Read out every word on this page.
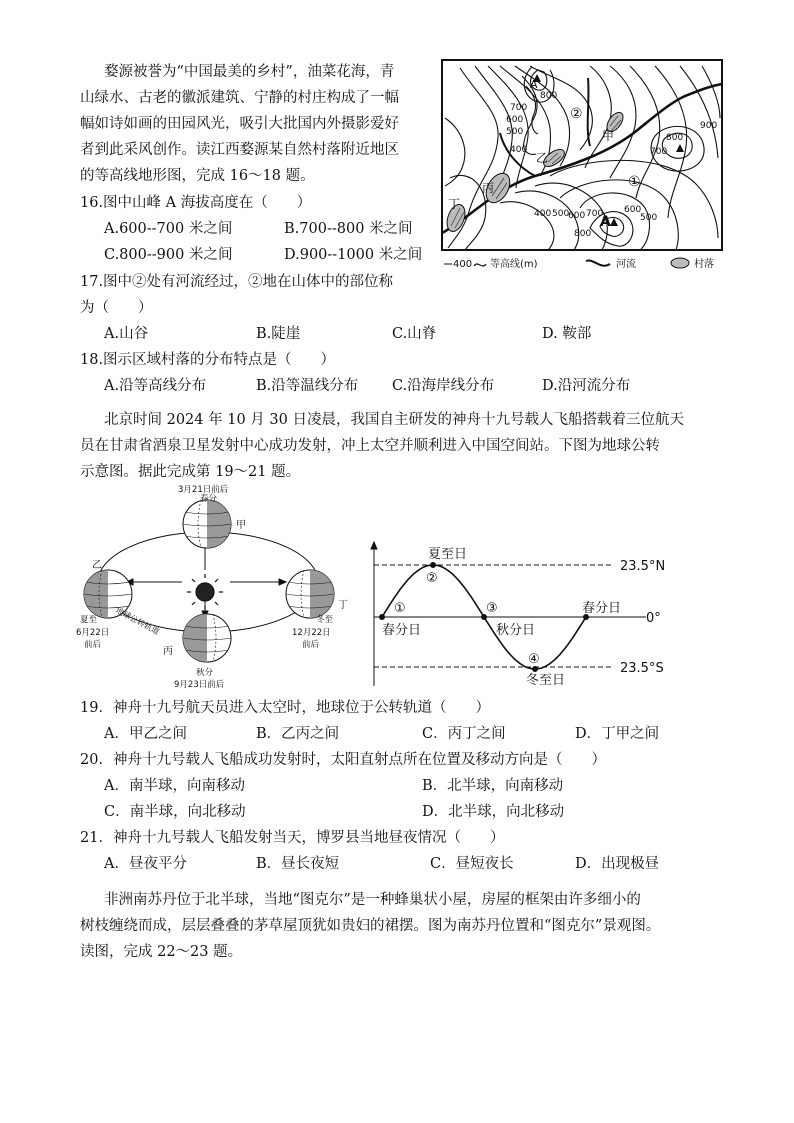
婺源被誉为“中国最美的乡村”，油菜花海，青
山绿水、古老的徽派建筑、宁静的村庄构成了一幅
幅如诗如画的田园风光，吸引大批国内外摄影爱好
者到此采风创作。读江西婺源某自然村落附近地区
的等高线地形图，完成 16～18 题。
16.图中山峰 A 海拔高度在（　　）
A.600--700 米之间	B.700--800 米之间
C.800--900 米之间	D.900--1000 米之间
17.图中②处有河流经过，②地在山体中的部位称
为（　　）
A.山谷	B.陡崖	C.山脊	D. 鞍部
18.图示区域村落的分布特点是（　　）
A.沿等高线分布	B.沿等温线分布 C.沿海岸线分布	D.沿河流分布
800
700
600
500
400
900
800
700
400 500
600 700
800
600
500
A
A
甲
乙
丙
丁
①
②
400 等高线(m)	河流	村落
北京时间 2024 年 10 月 30 日凌晨，我国自主研发的神舟十九号载人飞船搭载着三位航天
员在甘肃省酒泉卫星发射中心成功发射，冲上太空并顺利进入中国空间站。下图为地球公转
示意图。据此完成第 19～21 题。
3月21日前后
春分
甲
乙
夏至
6月22日
前后
地球公转轨道
丙
冬至
12月22日
前后
丁
秋分
9月23日前后
23.5°N
23.5°S
0°
①
②
③
④
春分日
夏至日
秋分日
冬至日
春分日
19．神舟十九号航天员进入太空时，地球位于公转轨道（　　）
A．甲乙之间	B．乙丙之间	C．丙丁之间	D．丁甲之间
20．神舟十九号载人飞船成功发射时，太阳直射点所在位置及移动方向是（　　）
A．南半球，向南移动	B．北半球，向南移动
C．南半球，向北移动	D．北半球，向北移动
21．神舟十九号载人飞船发射当天，博罗县当地昼夜情况（　　）
A．昼夜平分	B．昼长夜短	C．昼短夜长	D．出现极昼
非洲南苏丹位于北半球，当地“图克尔”是一种蜂巢状小屋，房屋的框架由许多细小的
树枝缠绕而成，层层叠叠的茅草屋顶犹如贵妇的裙摆。图为南苏丹位置和“图克尔”景观图。
读图，完成 22～23 题。
